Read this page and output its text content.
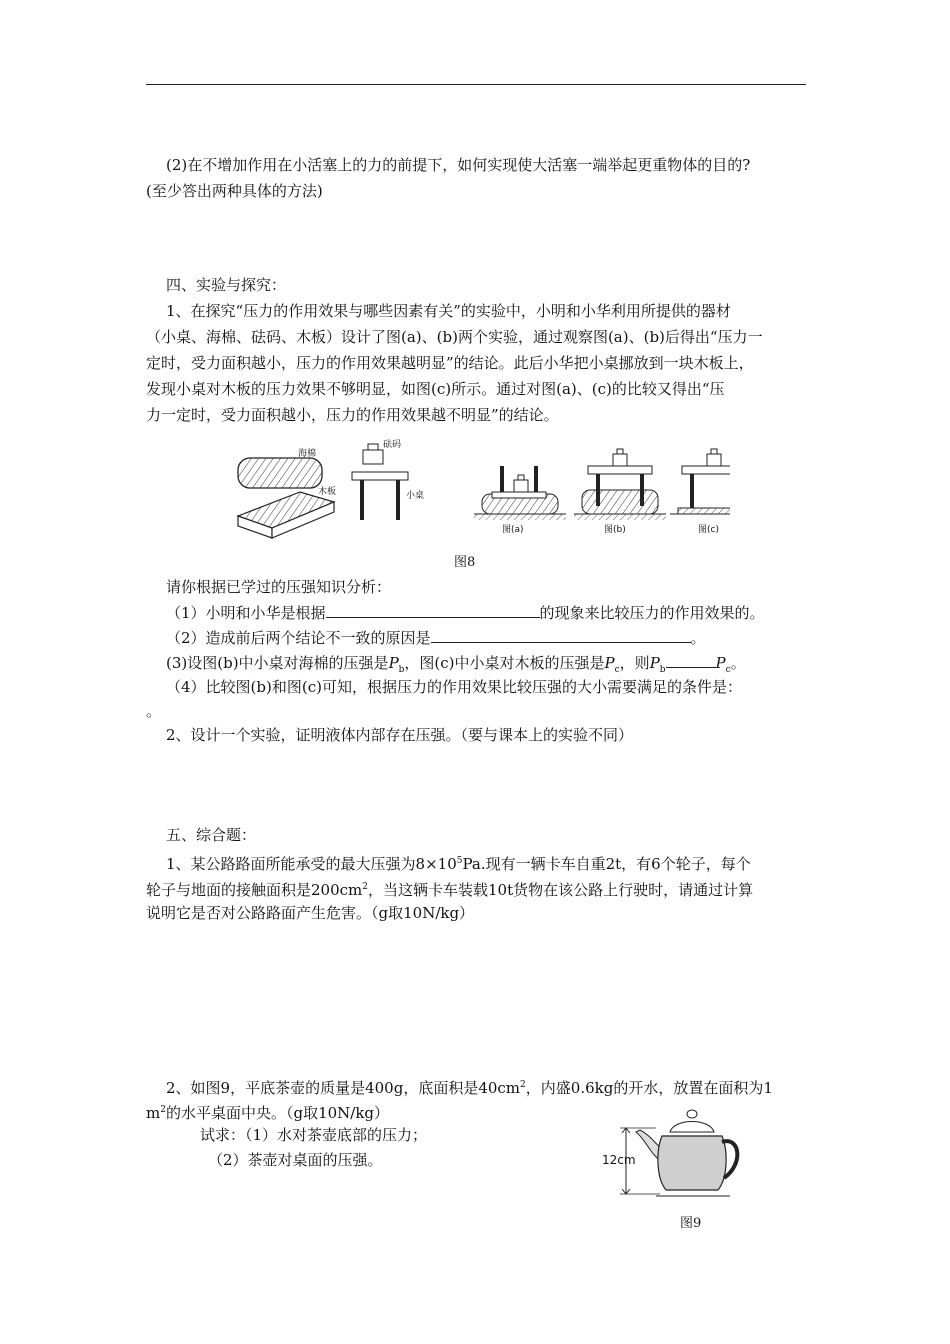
(2)在不增加作用在小活塞上的力的前提下，如何实现使大活塞一端举起更重物体的目的?
(至少答出两种具体的方法)
四、实验与探究：
1、在探究“压力的作用效果与哪些因素有关”的实验中，小明和小华利用所提供的器材
（小桌、海棉、砝码、木板）设计了图(a)、(b)两个实验，通过观察图(a)、(b)后得出“压力一
定时，受力面积越小，压力的作用效果越明显”的结论。此后小华把小桌挪放到一块木板上，
发现小桌对木板的压力效果不够明显，如图(c)所示。通过对图(a)、(c)的比较又得出“压
力一定时，受力面积越小，压力的作用效果越不明显”的结论。
海棉
砝码
小桌
木板
图(a)	图(b)	图(c)
图8
请你根据已学过的压强知识分析：
（1）小明和小华是根据	的现象来比较压力的作用效果的。
（2）造成前后两个结论不一致的原因是	。
(3)设图(b)中小桌对海棉的压强是$P_b$，图(c)中小桌对木板的压强是$P_c$，则$P_b$	$P_c$。
（4）比较图(b)和图(c)可知，根据压力的作用效果比较压强的大小需要满足的条件是：
。
2、设计一个实验，证明液体内部存在压强。（要与课本上的实验不同）
五、综合题：
1、某公路路面所能承受的最大压强为$8\times 10^5Pa$.现有一辆卡车自重2t，有6个轮子，每个
轮子与地面的接触面积是$200cm^2$，当这辆卡车装载10t货物在该公路上行驶时，请通过计算
说明它是否对公路路面产生危害。（g取10N/kg）
2、如图9，平底茶壶的质量是400g，底面积是$40cm^2$，内盛0.6kg的开水，放置在面积为1
$m^2$的水平桌面中央。（g取10N/kg）
试求：（1）水对茶壶底部的压力；
（2）茶壶对桌面的压强。	12cm
图9
